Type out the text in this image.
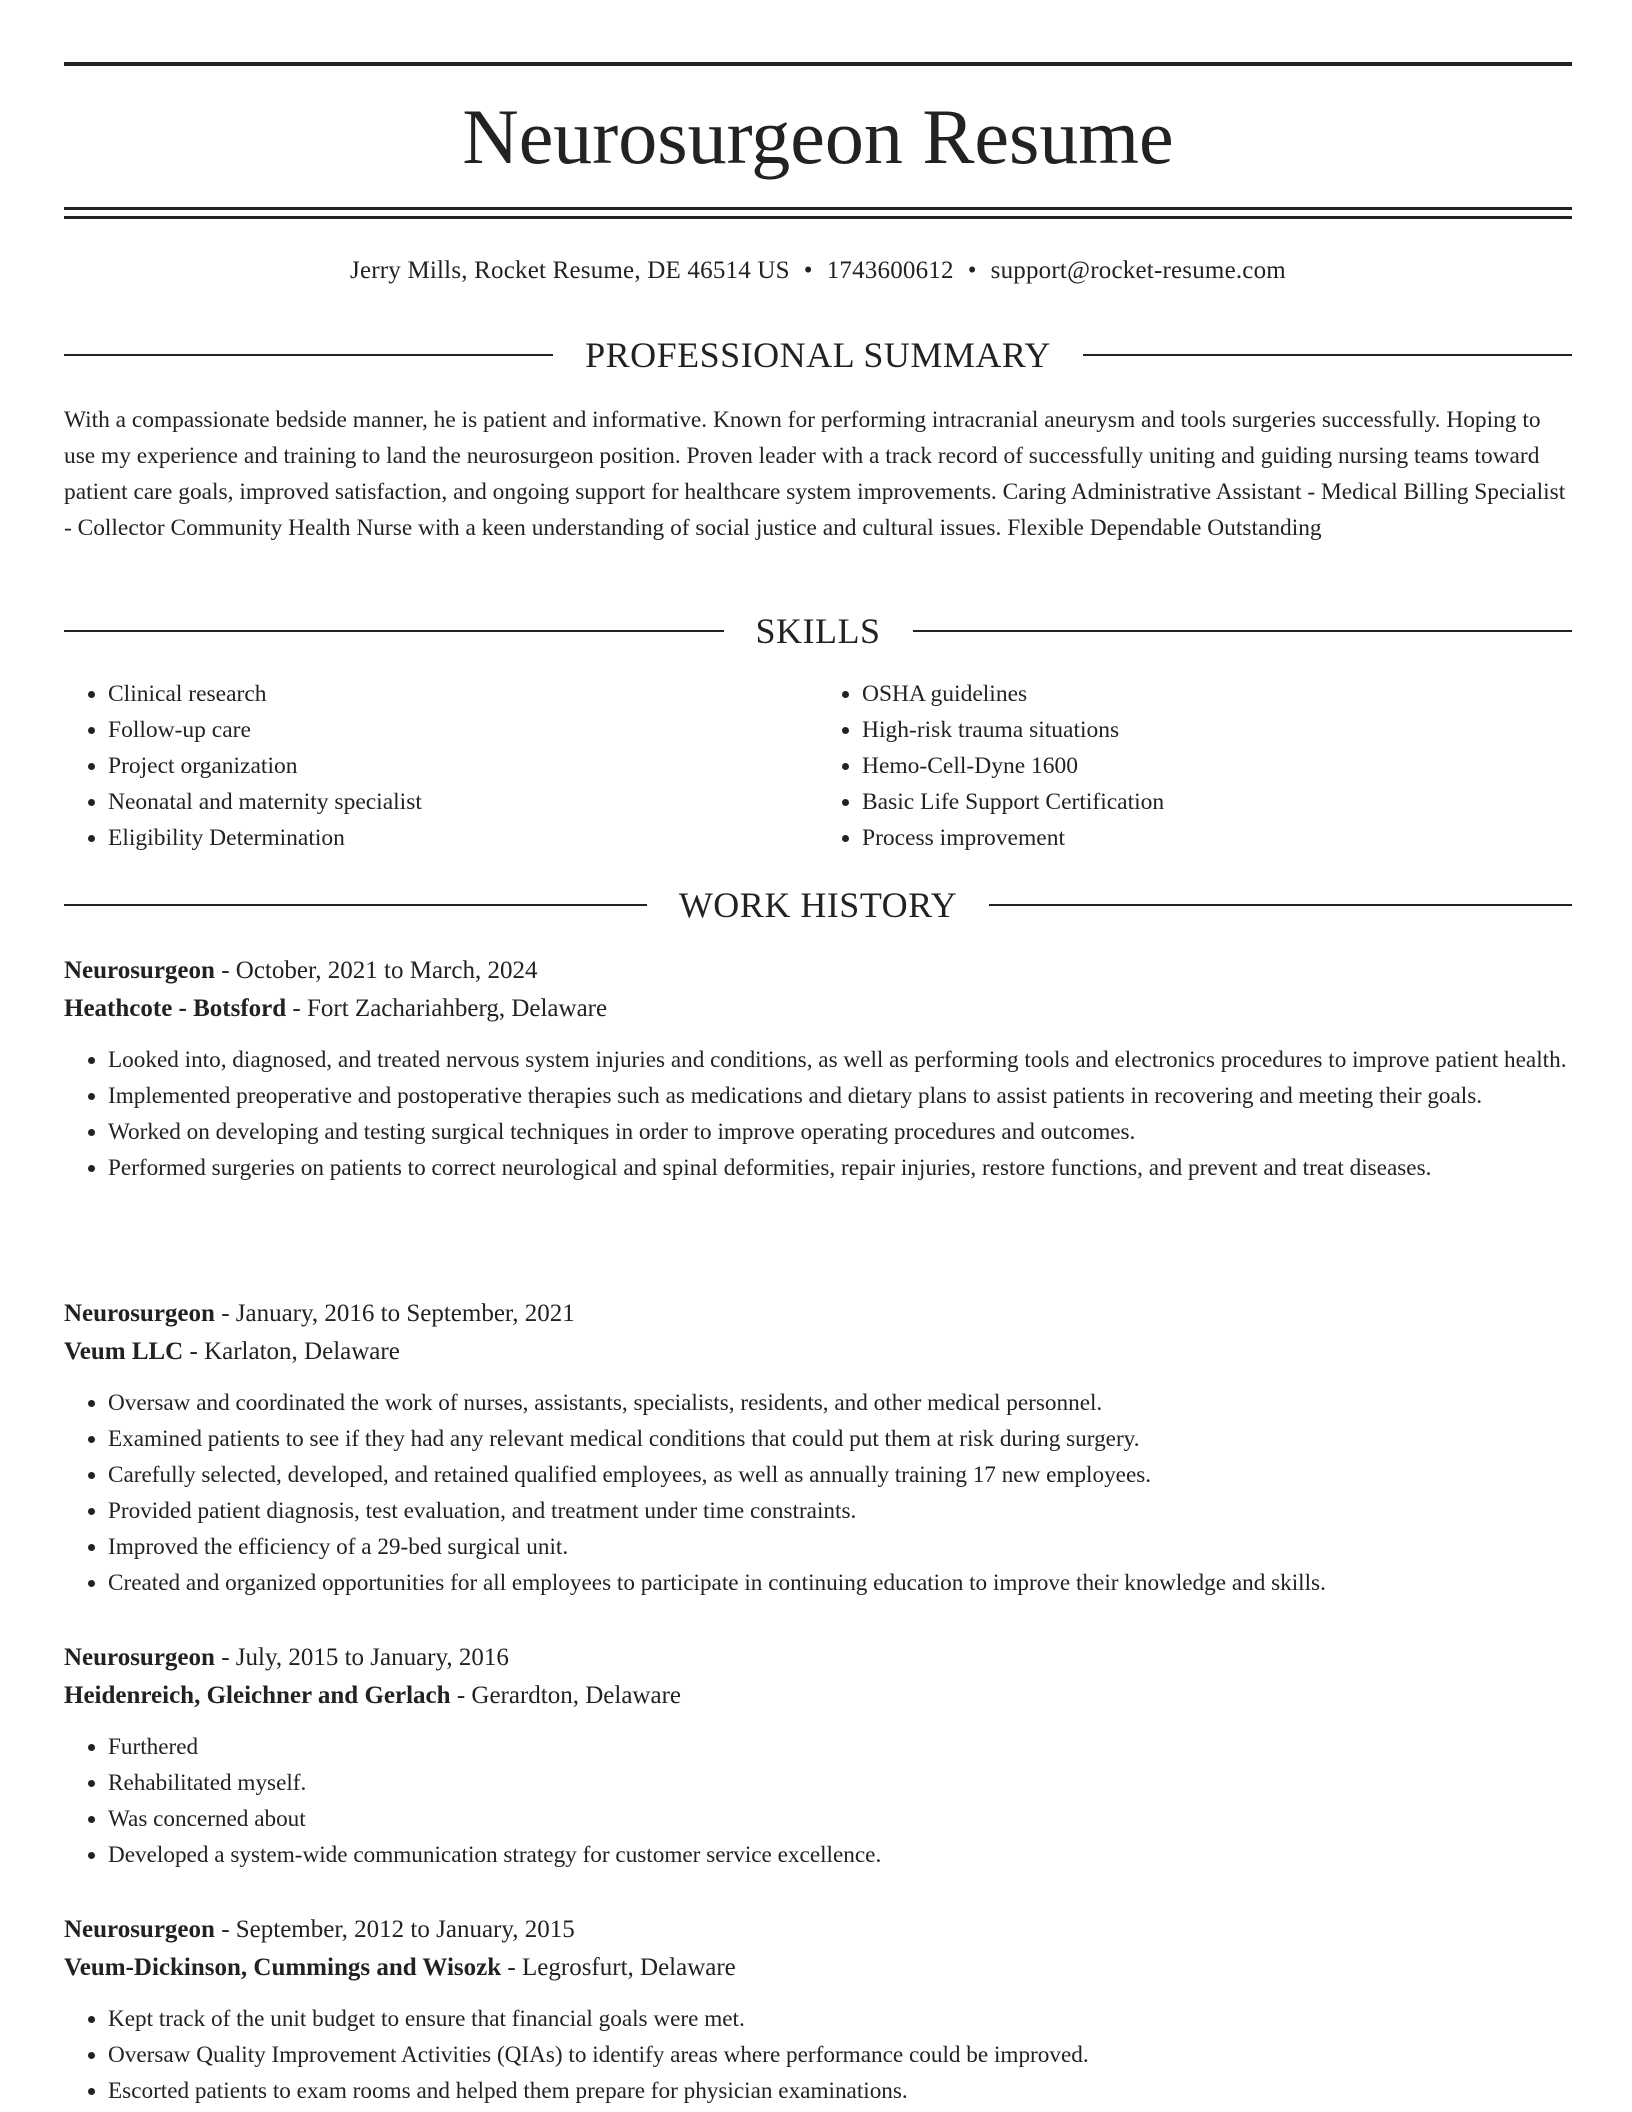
Neurosurgeon Resume
Jerry Mills, Rocket Resume, DE 46514 US • 1743600612 • support@rocket-resume.com
PROFESSIONAL SUMMARY

With a compassionate bedside manner, he is patient and informative. Known for performing intracranial aneurysm and tools surgeries successfully. Hoping to use my experience and training to land the neurosurgeon position. Proven leader with a track record of successfully uniting and guiding nursing teams toward patient care goals, improved satisfaction, and ongoing support for healthcare system improvements. Caring Administrative Assistant - Medical Billing Specialist - Collector Community Health Nurse with a keen understanding of social justice and cultural issues. Flexible Dependable Outstanding

SKILLS
• Clinical research
• Follow-up care
• Project organization
• Neonatal and maternity specialist
• Eligibility Determination
• OSHA guidelines
• High-risk trauma situations
• Hemo-Cell-Dyne 1600
• Basic Life Support Certification
• Process improvement
WORK HISTORY

Neurosurgeon - October, 2021 to March, 2024

Heathcote - Botsford - Fort Zachariahberg, Delaware

• Looked into, diagnosed, and treated nervous system injuries and conditions, as well as performing tools and electronics procedures to improve patient health.
• Implemented preoperative and postoperative therapies such as medications and dietary plans to assist patients in recovering and meeting their goals.
• Worked on developing and testing surgical techniques in order to improve operating procedures and outcomes.
• Performed surgeries on patients to correct neurological and spinal deformities, repair injuries, restore functions, and prevent and treat diseases.

Neurosurgeon - January, 2016 to September, 2021

Veum LLC - Karlaton, Delaware

• Oversaw and coordinated the work of nurses, assistants, specialists, residents, and other medical personnel.
• Examined patients to see if they had any relevant medical conditions that could put them at risk during surgery.
• Carefully selected, developed, and retained qualified employees, as well as annually training 17 new employees.
• Provided patient diagnosis, test evaluation, and treatment under time constraints.
• Improved the efficiency of a 29-bed surgical unit.
• Created and organized opportunities for all employees to participate in continuing education to improve their knowledge and skills.

Neurosurgeon - July, 2015 to January, 2016

Heidenreich, Gleichner and Gerlach - Gerardton, Delaware

• Furthered
• Rehabilitated myself.
• Was concerned about
• Developed a system-wide communication strategy for customer service excellence.

Neurosurgeon - September, 2012 to January, 2015

Veum-Dickinson, Cummings and Wisozk - Legrosfurt, Delaware

• Kept track of the unit budget to ensure that financial goals were met.
• Oversaw Quality Improvement Activities (QIAs) to identify areas where performance could be improved.
• Escorted patients to exam rooms and helped them prepare for physician examinations.
